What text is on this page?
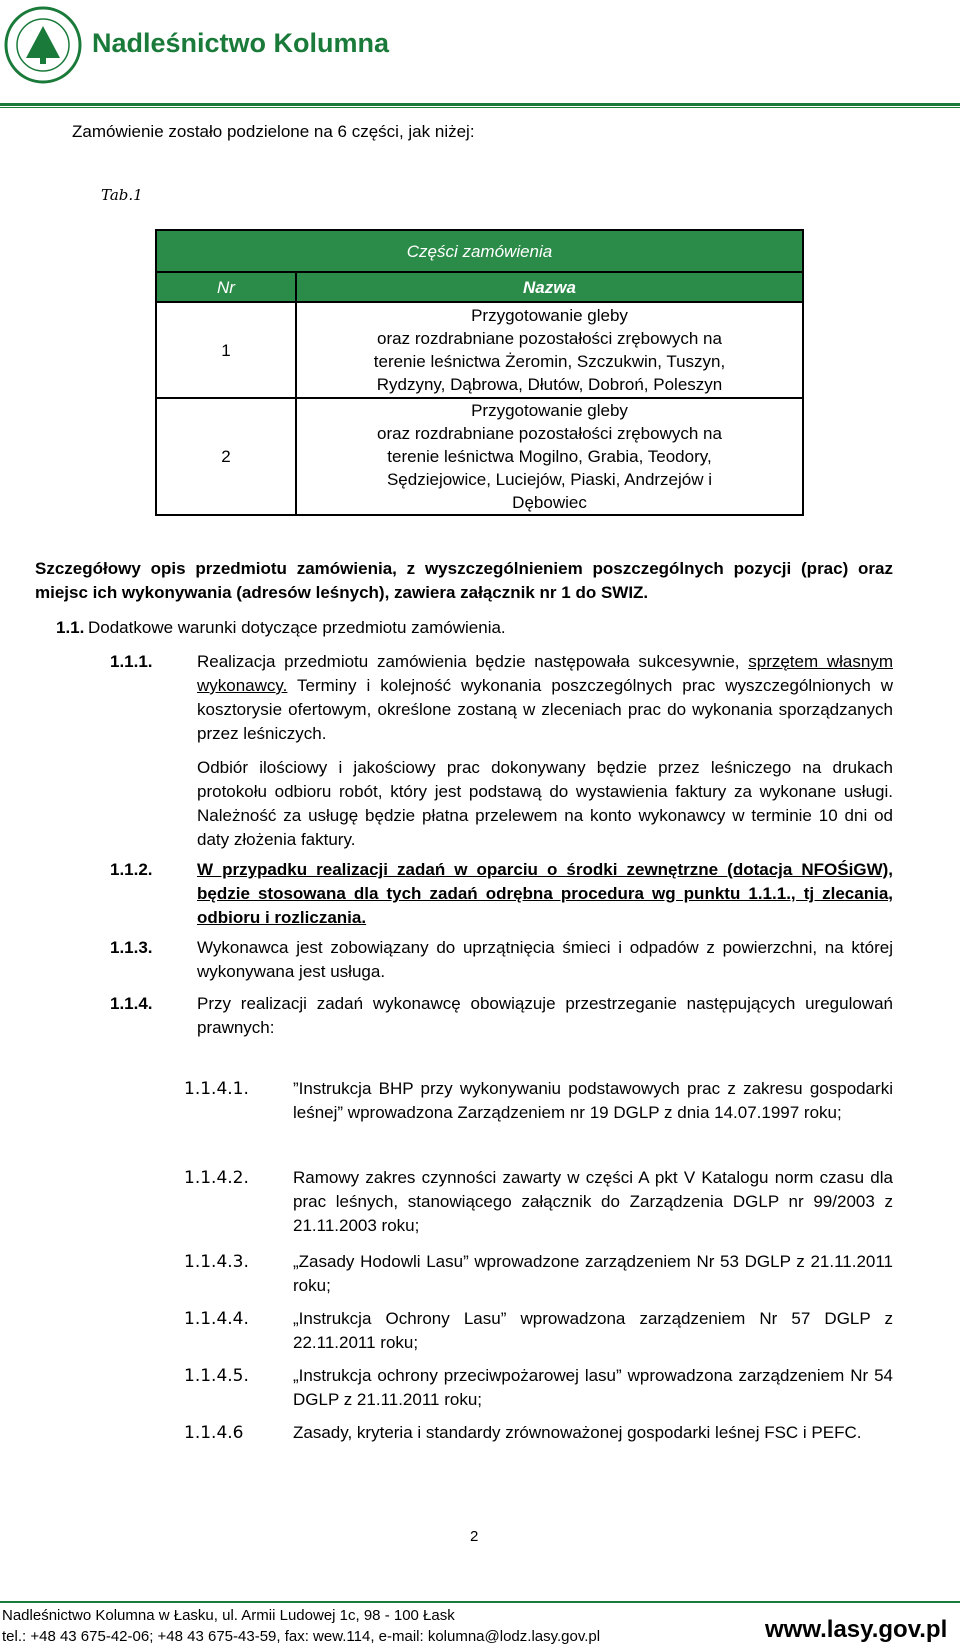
Nadleśnictwo Kolumna
Zamówienie zostało podzielone na 6 części, jak niżej:
Tab.1
Części zamówienia	
Nr	Nazwa
1	Przygotowanie gleby
oraz rozdrabniane pozostałości zrębowych na
terenie leśnictwa Żeromin, Szczukwin, Tuszyn,
Rydzyny, Dąbrowa, Dłutów, Dobroń, Poleszyn

2	Przygotowanie gleby
oraz rozdrabniane pozostałości zrębowych na
terenie leśnictwa Mogilno, Grabia, Teodory,
Sędziejowice, Luciejów, Piaski, Andrzejów i
Dębowiec
Szczegółowy opis przedmiotu zamówienia, z wyszczególnieniem poszczególnych pozycji (prac) oraz miejsc ich wykonywania (adresów leśnych), zawiera załącznik nr 1 do SWIZ.
1.1. Dodatkowe warunki dotyczące przedmiotu zamówienia.
1.1.1.	Realizacja przedmiotu zamówienia będzie następowała sukcesywnie, sprzętem własnym wykonawcy. Terminy i kolejność wykonania poszczególnych prac wyszczególnionych w kosztorysie ofertowym, określone zostaną w zleceniach prac do wykonania sporządzanych przez leśniczych.
Odbiór ilościowy i jakościowy prac dokonywany będzie przez leśniczego na drukach protokołu odbioru robót, który jest podstawą do wystawienia faktury za wykonane usługi. Należność za usługę będzie płatna przelewem na konto wykonawcy w terminie 10 dni od daty złożenia faktury.
1.1.2.	W przypadku realizacji zadań w oparciu o środki zewnętrzne (dotacja NFOŚiGW), będzie stosowana dla tych zadań odrębna procedura wg punktu 1.1.1., tj zlecania, odbioru i rozliczania.
1.1.3.	Wykonawca jest zobowiązany do uprzątnięcia śmieci i odpadów z powierzchni, na której wykonywana jest usługa.
1.1.4.	Przy realizacji zadań wykonawcę obowiązuje przestrzeganie następujących uregulowań prawnych:
1.1.4.1.	”Instrukcja BHP przy wykonywaniu podstawowych prac z zakresu gospodarki leśnej” wprowadzona Zarządzeniem nr 19 DGLP z dnia 14.07.1997 roku;
1.1.4.2.	Ramowy zakres czynności zawarty w części A pkt V Katalogu norm czasu dla prac leśnych, stanowiącego załącznik do Zarządzenia DGLP nr 99/2003 z 21.11.2003 roku;
1.1.4.3.	„Zasady Hodowli Lasu” wprowadzone zarządzeniem Nr 53 DGLP z 21.11.2011 roku;
1.1.4.4.	„Instrukcja Ochrony Lasu” wprowadzona zarządzeniem Nr 57 DGLP z 22.11.2011 roku;
1.1.4.5.	„Instrukcja ochrony przeciwpożarowej lasu” wprowadzona zarządzeniem Nr 54 DGLP z 21.11.2011 roku;
1.1.4.6	Zasady, kryteria i standardy zrównoważonej gospodarki leśnej FSC i PEFC.
2
Nadleśnictwo Kolumna w Łasku, ul. Armii Ludowej 1c, 98 - 100 Łask
tel.: +48 43 675-42-06; +48 43 675-43-59, fax: wew.114, e-mail: kolumna@lodz.lasy.gov.pl	www.lasy.gov.pl
